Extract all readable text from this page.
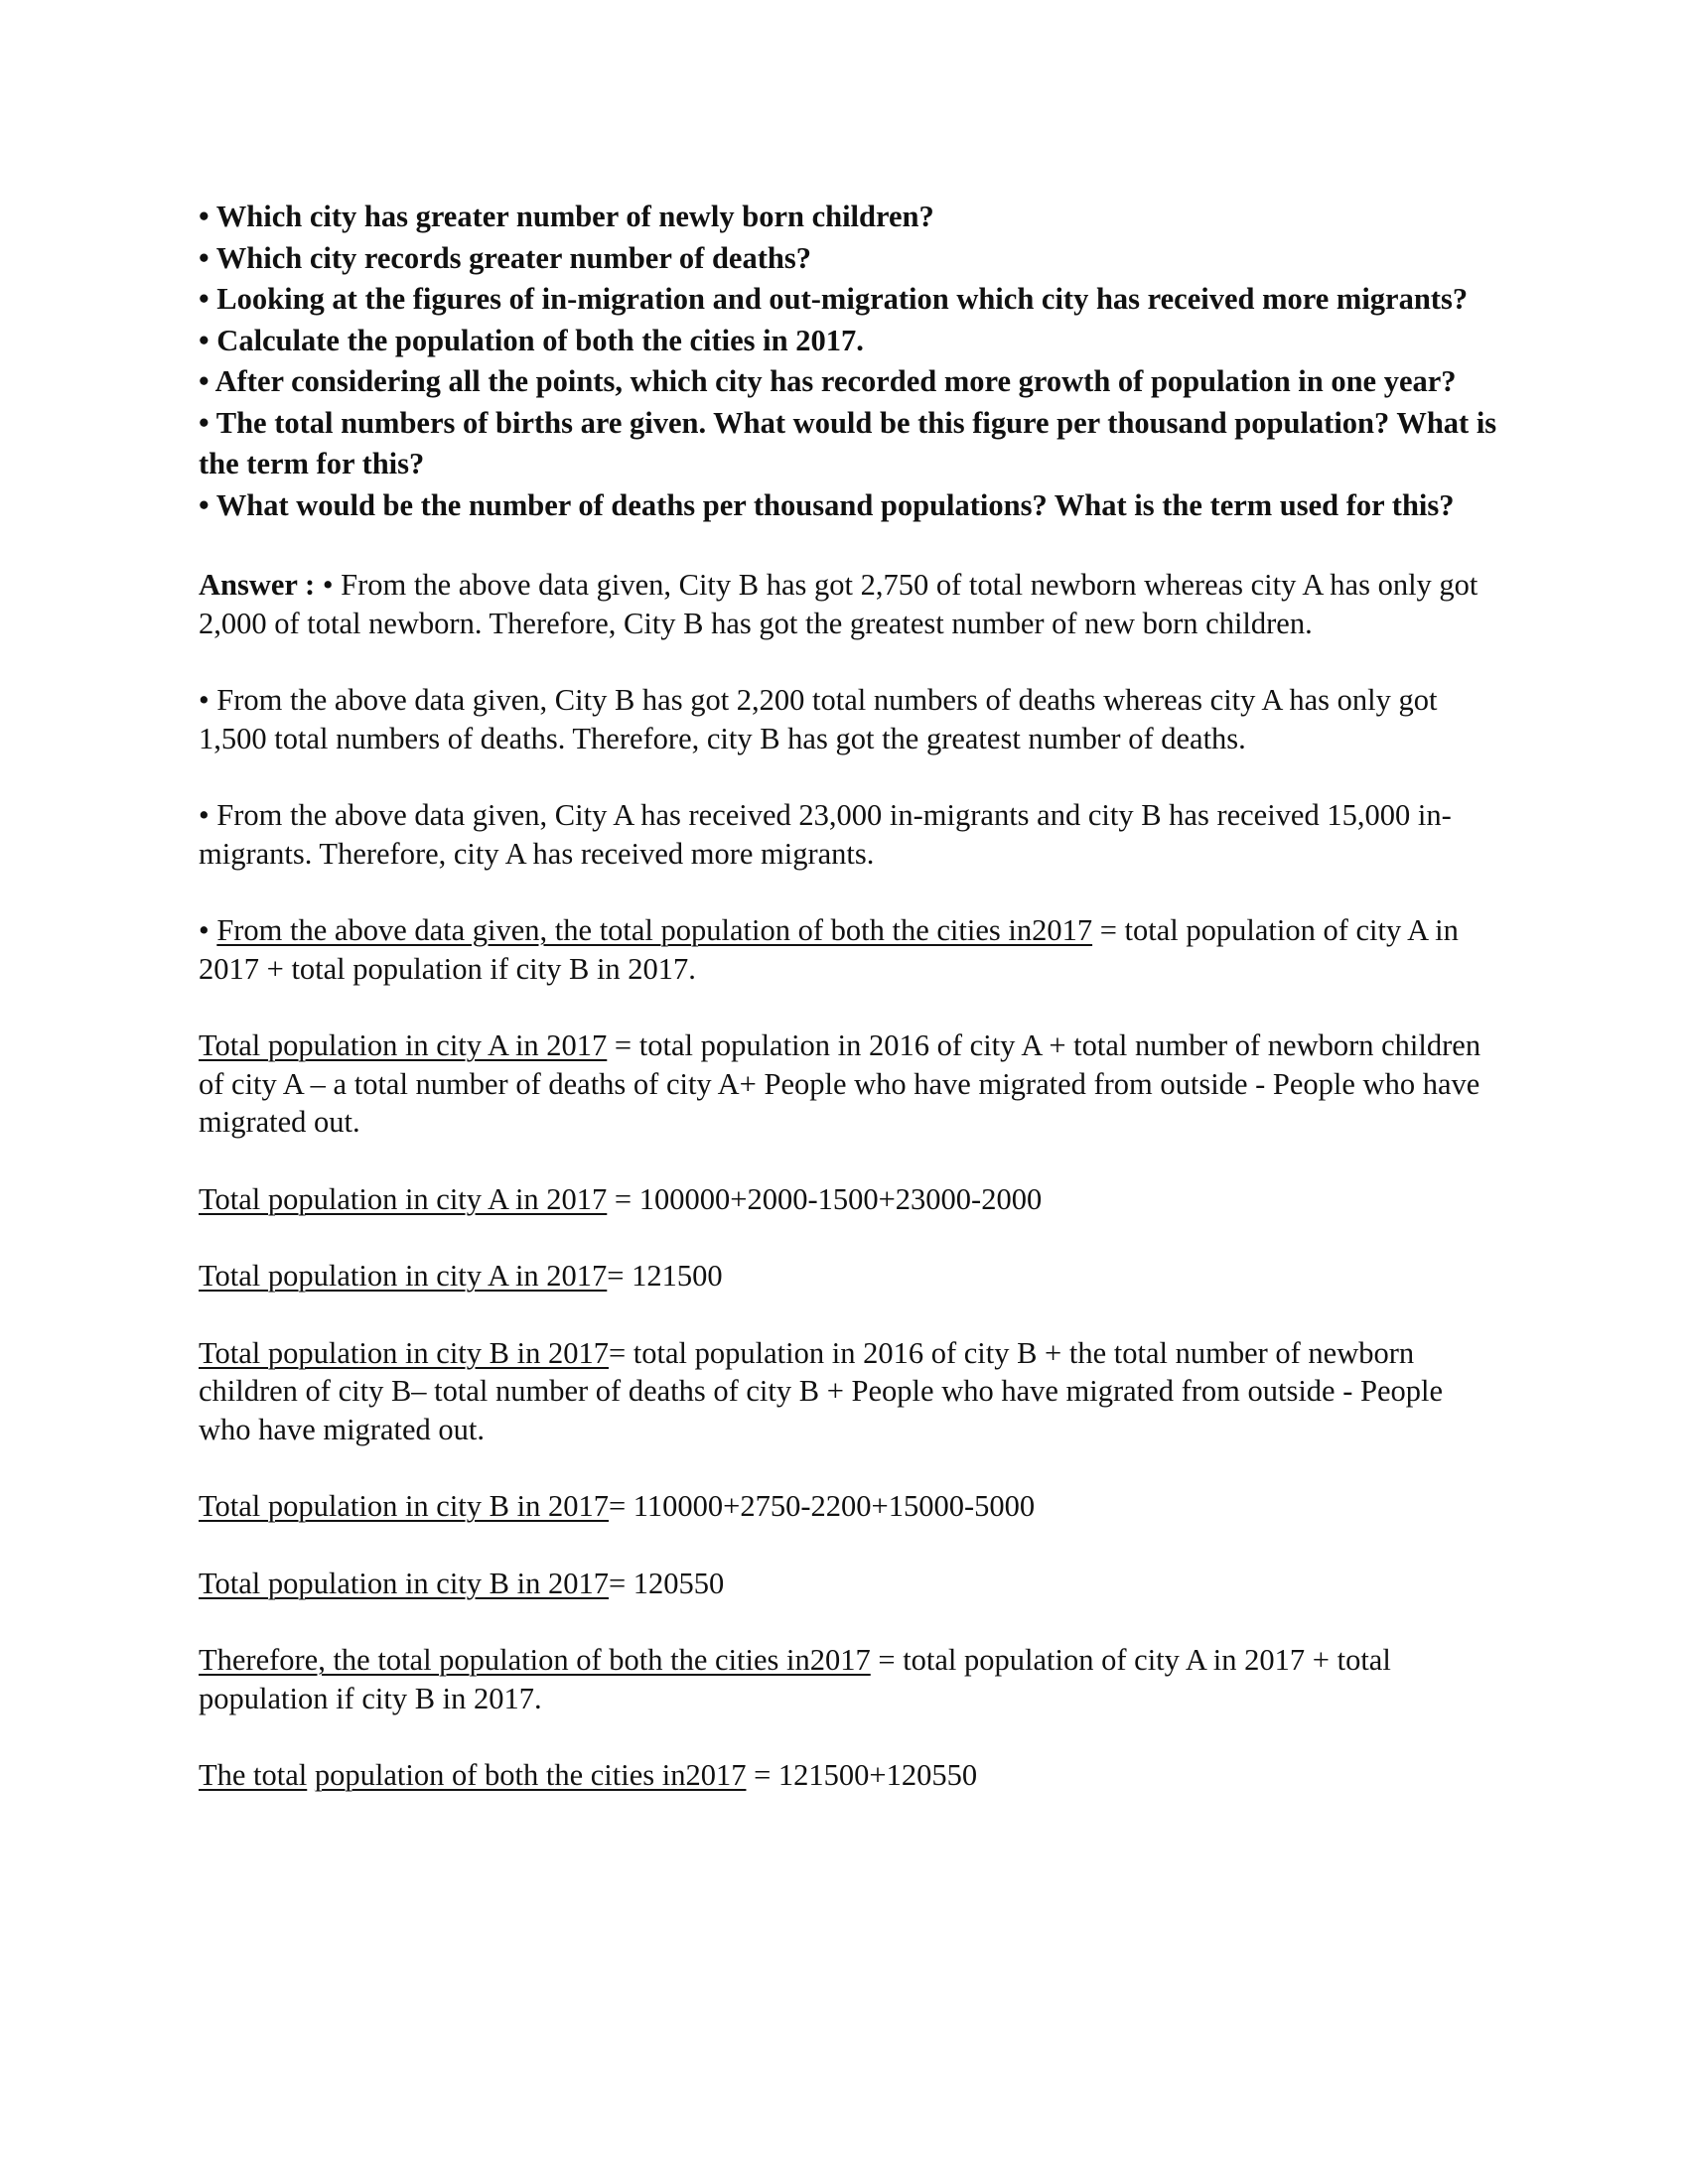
• Which city has greater number of newly born children?

• Which city records greater number of deaths?

• Looking at the figures of in-migration and out-migration which city has received more migrants?

• Calculate the population of both the cities in 2017.

• After considering all the points, which city has recorded more growth of population in one year?

• The total numbers of births are given. What would be this figure per thousand population? What is the term for this?

• What would be the number of deaths per thousand populations? What is the term used for this?

Answer : • From the above data given, City B has got 2,750 of total newborn whereas city A has only got 2,000 of total newborn. Therefore, City B has got the greatest number of new born children.

• From the above data given, City B has got 2,200 total numbers of deaths whereas city A has only got 1,500 total numbers of deaths. Therefore, city B has got the greatest number of deaths.

• From the above data given, City A has received 23,000 in-migrants and city B has received 15,000 in-migrants. Therefore, city A has received more migrants.

• From the above data given, the total population of both the cities in2017 = total population of city A in 2017 + total population if city B in 2017.

Total population in city A in 2017 = total population in 2016 of city A + total number of newborn children of city A – a total number of deaths of city A+ People who have migrated from outside - People who have migrated out.

Total population in city A in 2017 = 100000+2000-1500+23000-2000

Total population in city A in 2017= 121500

Total population in city B in 2017= total population in 2016 of city B + the total number of newborn children of city B– total number of deaths of city B + People who have migrated from outside - People who have migrated out.

Total population in city B in 2017= 110000+2750-2200+15000-5000

Total population in city B in 2017= 120550

Therefore, the total population of both the cities in2017 = total population of city A in 2017 + total population if city B in 2017.

The total population of both the cities in2017 = 121500+120550
